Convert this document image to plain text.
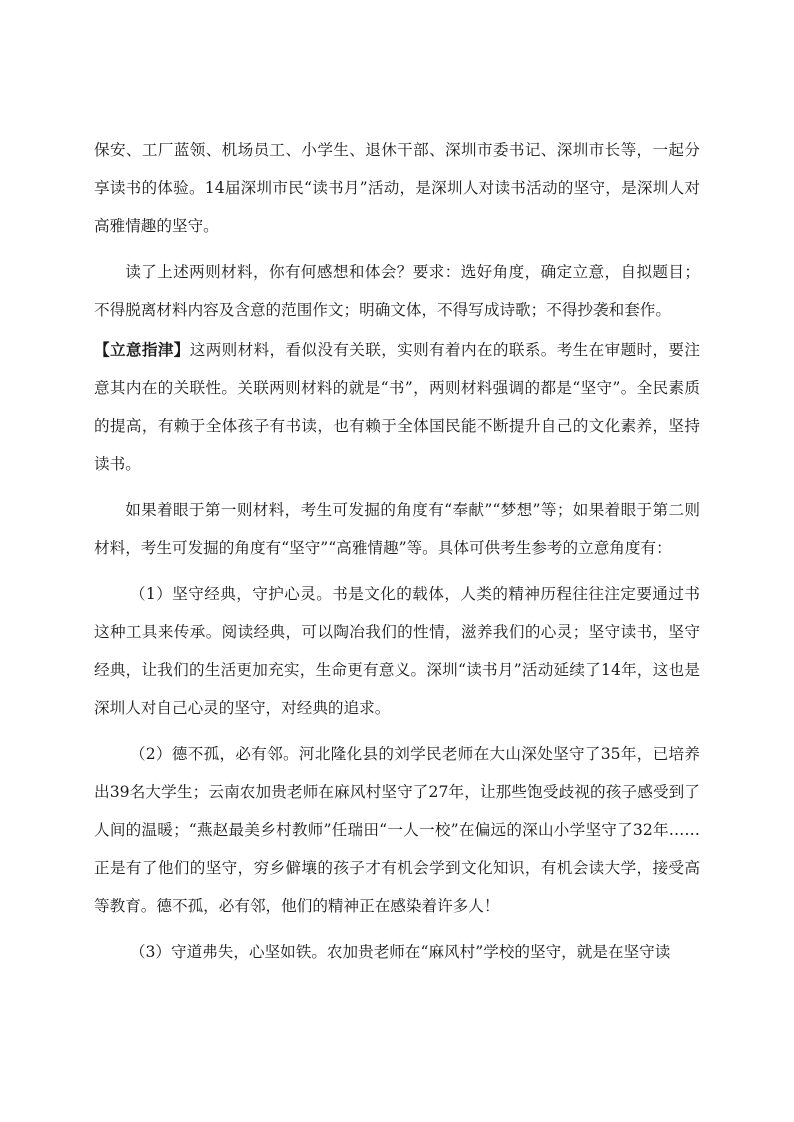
保安、工厂蓝领、机场员工、小学生、退休干部、深圳市委书记、深圳市长等，一起分享读书的体验。14届深圳市民“读书月”活动，是深圳人对读书活动的坚守，是深圳人对高雅情趣的坚守。

读了上述两则材料，你有何感想和体会？要求：选好角度，确定立意，自拟题目；不得脱离材料内容及含意的范围作文；明确文体，不得写成诗歌；不得抄袭和套作。

【立意指津】这两则材料，看似没有关联，实则有着内在的联系。考生在审题时，要注意其内在的关联性。关联两则材料的就是“书”，两则材料强调的都是“坚守”。全民素质的提高，有赖于全体孩子有书读，也有赖于全体国民能不断提升自己的文化素养，坚持读书。

如果着眼于第一则材料，考生可发掘的角度有“奉献”“梦想”等；如果着眼于第二则材料，考生可发掘的角度有“坚守”“高雅情趣”等。具体可供考生参考的立意角度有：

（1）坚守经典，守护心灵。书是文化的载体，人类的精神历程往往注定要通过书这种工具来传承。阅读经典，可以陶冶我们的性情，滋养我们的心灵；坚守读书，坚守经典，让我们的生活更加充实，生命更有意义。深圳“读书月”活动延续了14年，这也是深圳人对自己心灵的坚守，对经典的追求。

（2）德不孤，必有邻。河北隆化县的刘学民老师在大山深处坚守了35年，已培养出39名大学生；云南农加贵老师在麻风村坚守了27年，让那些饱受歧视的孩子感受到了人间的温暖；“燕赵最美乡村教师”任瑞田“一人一校”在偏远的深山小学坚守了32年……正是有了他们的坚守，穷乡僻壤的孩子才有机会学到文化知识，有机会读大学，接受高等教育。德不孤，必有邻，他们的精神正在感染着许多人！

（3）守道弗失，心坚如铁。农加贵老师在“麻风村”学校的坚守，就是在坚守读
